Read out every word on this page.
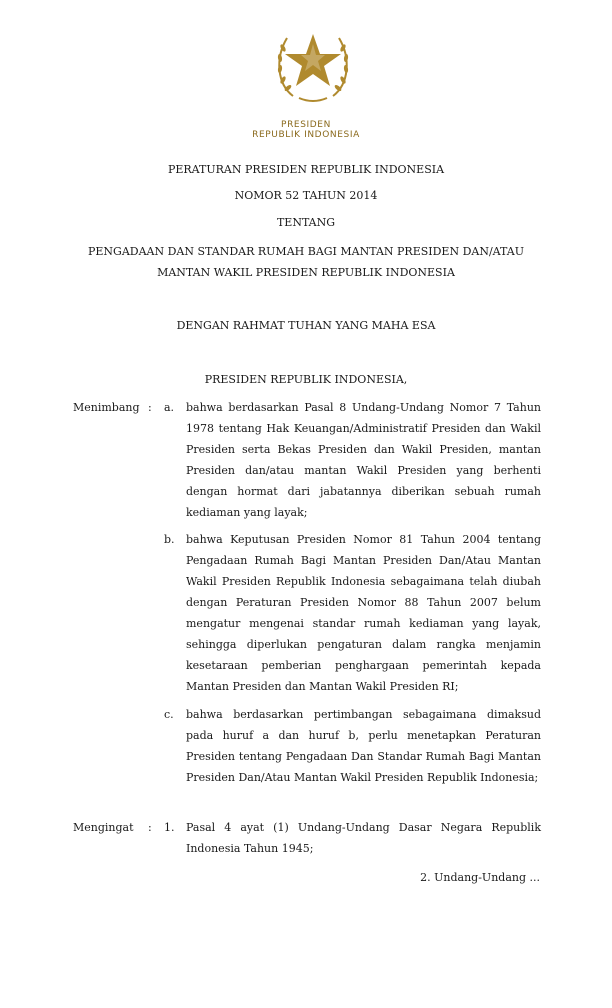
PRESIDEN
REPUBLIK INDONESIA
PERATURAN PRESIDEN REPUBLIK INDONESIA
NOMOR 52 TAHUN 2014
TENTANG
PENGADAAN DAN STANDAR RUMAH BAGI MANTAN PRESIDEN DAN/ATAU
MANTAN WAKIL PRESIDEN REPUBLIK INDONESIA
DENGAN RAHMAT TUHAN YANG MAHA ESA
PRESIDEN REPUBLIK INDONESIA,
Menimbang : a. bahwa berdasarkan Pasal 8 Undang-Undang Nomor 7 Tahun 1978 tentang Hak Keuangan/Administratif Presiden dan Wakil Presiden serta Bekas Presiden dan Wakil Presiden, mantan Presiden dan/atau mantan Wakil Presiden yang berhenti dengan hormat dari jabatannya diberikan sebuah rumah kediaman yang layak;
b. bahwa Keputusan Presiden Nomor 81 Tahun 2004 tentang Pengadaan Rumah Bagi Mantan Presiden Dan/Atau Mantan Wakil Presiden Republik Indonesia sebagaimana telah diubah dengan Peraturan Presiden Nomor 88 Tahun 2007 belum mengatur mengenai standar rumah kediaman yang layak, sehingga diperlukan pengaturan dalam rangka menjamin kesetaraan pemberian penghargaan pemerintah kepada Mantan Presiden dan Mantan Wakil Presiden RI;
c. bahwa berdasarkan pertimbangan sebagaimana dimaksud pada huruf a dan huruf b, perlu menetapkan Peraturan Presiden tentang Pengadaan Dan Standar Rumah Bagi Mantan Presiden Dan/Atau Mantan Wakil Presiden Republik Indonesia;
Mengingat : 1. Pasal 4 ayat (1) Undang-Undang Dasar Negara Republik Indonesia Tahun 1945;
2. Undang-Undang ...
